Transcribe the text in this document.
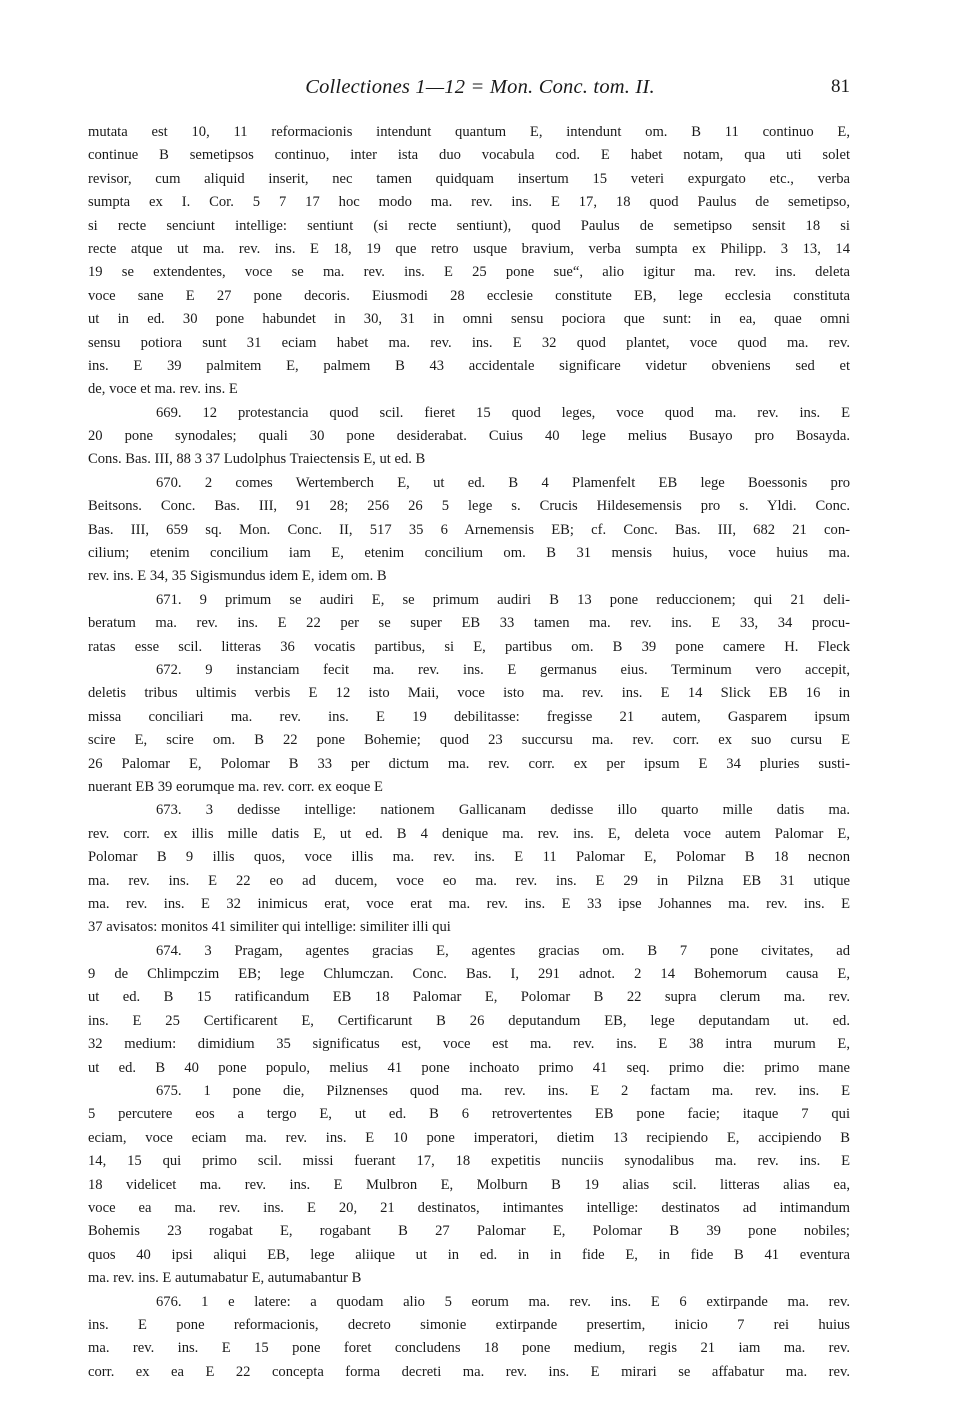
Collectiones 1—12 = Mon. Conc. tom. II.	81
mutata est 10, 11 reformacionis intendunt quantum E, intendunt om. B 11 continuo E,
continue B semetipsos continuo, inter ista duo vocabula cod. E habet notam, qua uti solet
revisor, cum aliquid inserit, nec tamen quidquam insertum 15 veteri expurgato etc., verba
sumpta ex I. Cor. 5 7 17 hoc modo ma. rev. ins. E 17, 18 quod Paulus de semetipso,
si recte senciunt intellige: sentiunt (si recte sentiunt), quod Paulus de semetipso sensit 18 si
recte atque ut ma. rev. ins. E 18, 19 que retro usque bravium, verba sumpta ex Philipp. 3 13, 14
19 se extendentes, voce se ma. rev. ins. E 25 pone sue“, alio igitur ma. rev. ins. deleta
voce sane E 27 pone decoris. Eiusmodi 28 ecclesie constitute EB, lege ecclesia constituta
ut in ed. 30 pone habundet in 30, 31 in omni sensu pociora que sunt: in ea, quae omni
sensu potiora sunt 31 eciam habet ma. rev. ins. E 32 quod plantet, voce quod ma. rev.
ins. E 39 palmitem E, palmem B 43 accidentale significare videtur obveniens sed et
de, voce et ma. rev. ins. E
669. 12 protestancia quod scil. fieret 15 quod leges, voce quod ma. rev. ins. E
20 pone synodales; quali 30 pone desiderabat. Cuius 40 lege melius Busayo pro Bosayda.
Cons. Bas. III, 88 3 37 Ludolphus Traiectensis E, ut ed. B
670. 2 comes Wertemberch E, ut ed. B 4 Plamenfelt EB lege Boessonis pro
Beitsons. Conc. Bas. III, 91 28; 256 26 5 lege s. Crucis Hildesemensis pro s. Yldi. Conc.
Bas. III, 659 sq. Mon. Conc. II, 517 35 6 Arnemensis EB; cf. Conc. Bas. III, 682 21 con-
cilium; etenim concilium iam E, etenim concilium om. B 31 mensis huius, voce huius ma.
rev. ins. E 34, 35 Sigismundus idem E, idem om. B
671. 9 primum se audiri E, se primum audiri B 13 pone reduccionem; qui 21 deli-
beratum ma. rev. ins. E 22 per se super EB 33 tamen ma. rev. ins. E 33, 34 procu-
ratas esse scil. litteras 36 vocatis partibus, si E, partibus om. B 39 pone camere H. Fleck
672. 9 instanciam fecit ma. rev. ins. E germanus eius. Terminum vero accepit,
deletis tribus ultimis verbis E 12 isto Maii, voce isto ma. rev. ins. E 14 Slick EB 16 in
missa conciliari ma. rev. ins. E 19 debilitasse: fregisse 21 autem, Gasparem ipsum
scire E, scire om. B 22 pone Bohemie; quod 23 succursu ma. rev. corr. ex suo cursu E
26 Palomar E, Polomar B 33 per dictum ma. rev. corr. ex per ipsum E 34 pluries susti-
nuerant EB 39 eorumque ma. rev. corr. ex eoque E
673. 3 dedisse intellige: nationem Gallicanam dedisse illo quarto mille datis ma.
rev. corr. ex illis mille datis E, ut ed. B 4 denique ma. rev. ins. E, deleta voce autem Palomar E,
Polomar B 9 illis quos, voce illis ma. rev. ins. E 11 Palomar E, Polomar B 18 necnon
ma. rev. ins. E 22 eo ad ducem, voce eo ma. rev. ins. E 29 in Pilzna EB 31 utique
ma. rev. ins. E 32 inimicus erat, voce erat ma. rev. ins. E 33 ipse Johannes ma. rev. ins. E
37 avisatos: monitos 41 similiter qui intellige: similiter illi qui
674. 3 Pragam, agentes gracias E, agentes gracias om. B 7 pone civitates, ad
9 de Chlimpczim EB; lege Chlumczan. Conc. Bas. I, 291 adnot. 2 14 Bohemorum causa E,
ut ed. B 15 ratificandum EB 18 Palomar E, Polomar B 22 supra clerum ma. rev.
ins. E 25 Certificarent E, Certificarunt B 26 deputandum EB, lege deputandam ut. ed.
32 medium: dimidium 35 significatus est, voce est ma. rev. ins. E 38 intra murum E,
ut ed. B 40 pone populo, melius 41 pone inchoato primo 41 seq. primo die: primo mane
675. 1 pone die, Pilznenses quod ma. rev. ins. E 2 factam ma. rev. ins. E
5 percutere eos a tergo E, ut ed. B 6 retrovertentes EB pone facie; itaque 7 qui
eciam, voce eciam ma. rev. ins. E 10 pone imperatori, dietim 13 recipiendo E, accipiendo B
14, 15 qui primo scil. missi fuerant 17, 18 expetitis nunciis synodalibus ma. rev. ins. E
18 videlicet ma. rev. ins. E Mulbron E, Molburn B 19 alias scil. litteras alias ea,
voce ea ma. rev. ins. E 20, 21 destinatos, intimantes intellige: destinatos ad intimandum
Bohemis 23 rogabat E, rogabant B 27 Palomar E, Polomar B 39 pone nobiles;
quos 40 ipsi aliqui EB, lege aliique ut in ed. in in fide E, in fide B 41 eventura
ma. rev. ins. E autumabatur E, autumabantur B
676. 1 e latere: a quodam alio 5 eorum ma. rev. ins. E 6 extirpande ma. rev.
ins. E pone reformacionis, decreto simonie extirpande presertim, inicio 7 rei huius
ma. rev. ins. E 15 pone foret concludens 18 pone medium, regis 21 iam ma. rev.
corr. ex ea E 22 concepta forma decreti ma. rev. ins. E mirari se affabatur ma. rev.
